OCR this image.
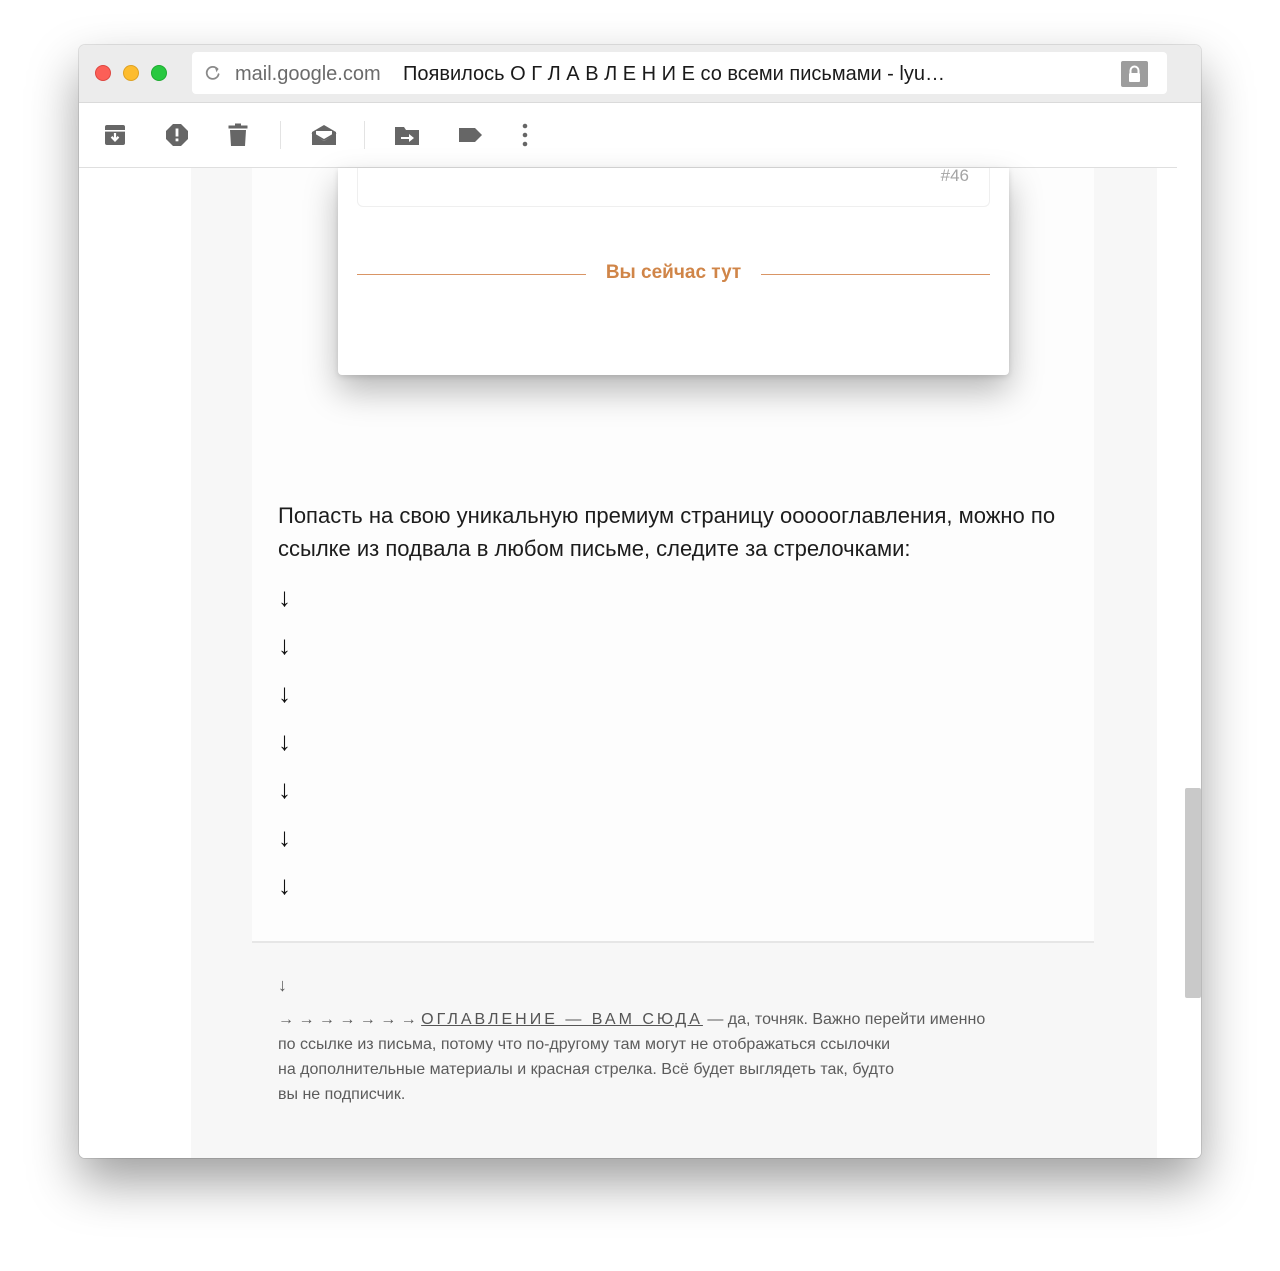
mail.google.com Появилось О Г Л А В Л Е Н И Е со всеми письмами - lyu…
#46
Вы сейчас тут
Попасть на свою уникальную премиум страницу оооооглавления, можно по ссылке из подвала в любом письме, следите за стрелочками:
↓
↓
↓
↓
↓
↓
↓
↓
→ → → → → → → ОГЛАВЛЕНИЕ — ВАМ СЮДА — да, точняк. Важно перейти именно
по ссылке из письма, потому что по-другому там могут не отображаться ссылочки
на дополнительные материалы и красная стрелка. Всё будет выглядеть так, будто
вы не подписчик.
